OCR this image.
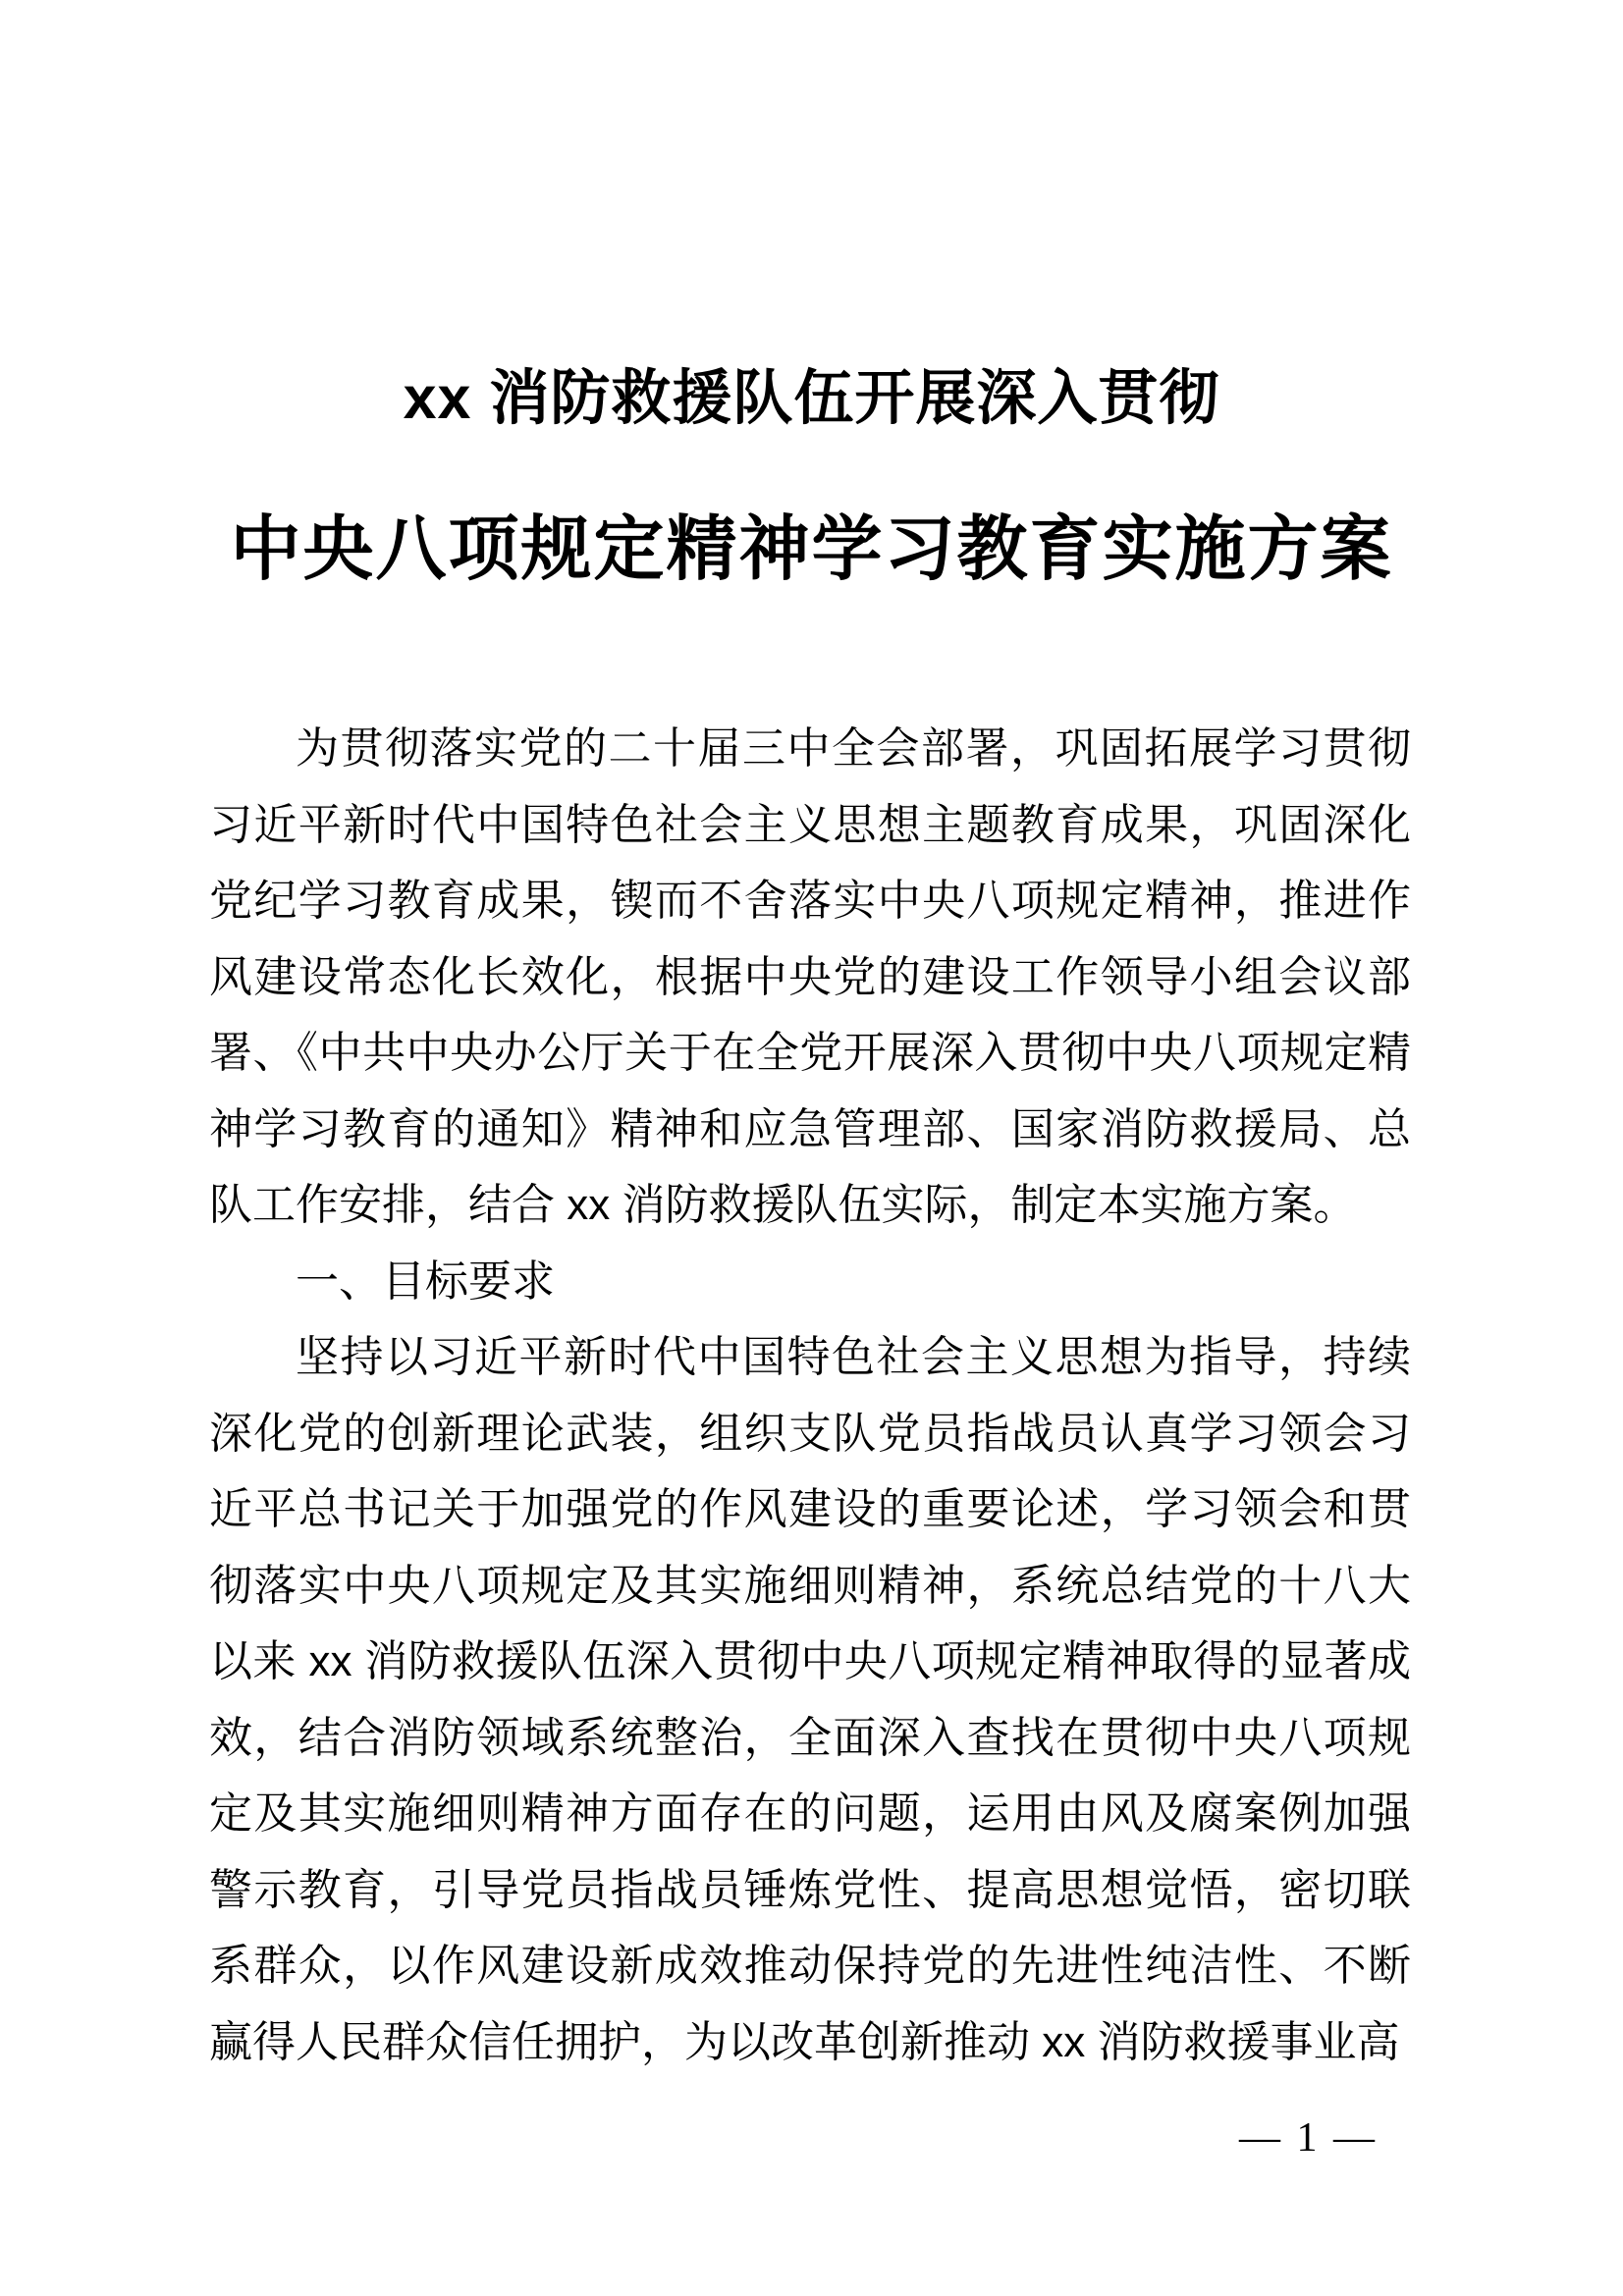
xx 消防救援队伍开展深入贯彻
中央八项规定精神学习教育实施方案

为贯彻落实党的二十届三中全会部署，巩固拓展学习贯彻习近平新时代中国特色社会主义思想主题教育成果，巩固深化党纪学习教育成果，锲而不舍落实中央八项规定精神，推进作风建设常态化长效化，根据中央党的建设工作领导小组会议部署、《中共中央办公厅关于在全党开展深入贯彻中央八项规定精神学习教育的通知》精神和应急管理部、国家消防救援局、总队工作安排，结合 xx 消防救援队伍实际，制定本实施方案。

一、目标要求

坚持以习近平新时代中国特色社会主义思想为指导，持续深化党的创新理论武装，组织支队党员指战员认真学习领会习近平总书记关于加强党的作风建设的重要论述，学习领会和贯彻落实中央八项规定及其实施细则精神，系统总结党的十八大以来 xx 消防救援队伍深入贯彻中央八项规定精神取得的显著成效，结合消防领域系统整治，全面深入查找在贯彻中央八项规定及其实施细则精神方面存在的问题，运用由风及腐案例加强警示教育，引导党员指战员锤炼党性、提高思想觉悟，密切联系群众，以作风建设新成效推动保持党的先进性纯洁性、不断赢得人民群众信任拥护，为以改革创新推动 xx 消防救援事业高

— 1 —
